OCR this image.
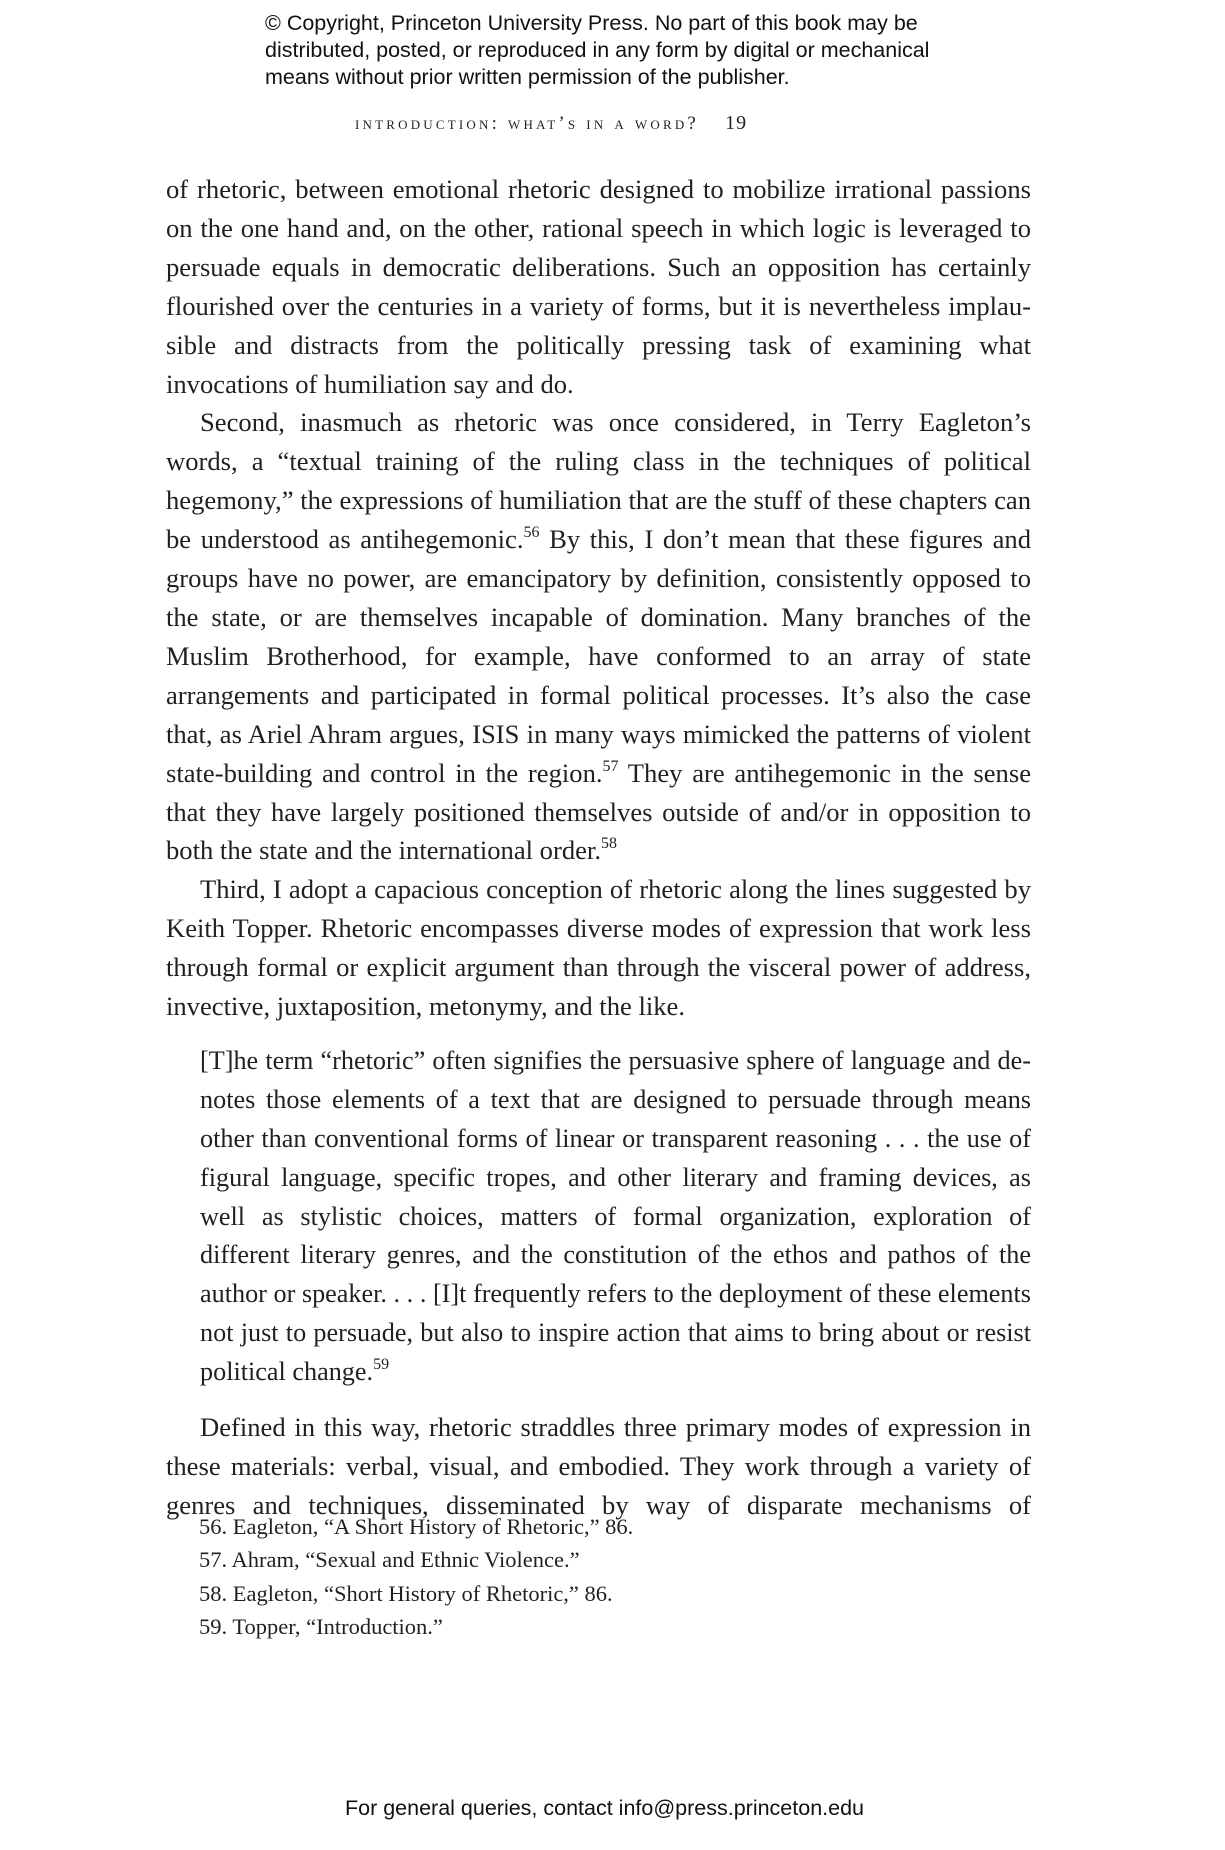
© Copyright, Princeton University Press. No part of this book may be
distributed, posted, or reproduced in any form by digital or mechanical
means without prior written permission of the publisher.
introduction: what’s in a word? 19

of rhetoric, between emotional rhetoric designed to mobilize irrational passions on the one hand and, on the other, rational speech in which logic is leveraged to persuade equals in democratic deliberations. Such an opposition has certainly flourished over the centuries in a variety of forms, but it is nevertheless implausible and distracts from the politically pressing task of examining what invocations of humiliation say and do.

Second, inasmuch as rhetoric was once considered, in Terry Eagleton’s words, a “textual training of the ruling class in the techniques of political hegemony,” the expressions of humiliation that are the stuff of these chapters can be understood as antihegemonic.$^{56}$ By this, I don’t mean that these figures and groups have no power, are emancipatory by definition, consistently opposed to the state, or are themselves incapable of domination. Many branches of the Muslim Brotherhood, for example, have conformed to an array of state arrangements and participated in formal political processes. It’s also the case that, as Ariel Ahram argues, ISIS in many ways mimicked the patterns of violent state-building and control in the region.$^{57}$ They are antihegemonic in the sense that they have largely positioned themselves outside of and/or in opposition to both the state and the international order.$^{58}$

Third, I adopt a capacious conception of rhetoric along the lines suggested by Keith Topper. Rhetoric encompasses diverse modes of expression that work less through formal or explicit argument than through the visceral power of address, invective, juxtaposition, metonymy, and the like.

[T]he term “rhetoric” often signifies the persuasive sphere of language and denotes those elements of a text that are designed to persuade through means other than conventional forms of linear or transparent reasoning . . . the use of figural language, specific tropes, and other literary and framing devices, as well as stylistic choices, matters of formal organization, exploration of different literary genres, and the constitution of the ethos and pathos of the author or speaker. . . . [I]t frequently refers to the deployment of these elements not just to persuade, but also to inspire action that aims to bring about or resist political change.$^{59}$

Defined in this way, rhetoric straddles three primary modes of expression in these materials: verbal, visual, and embodied. They work through a variety of genres and techniques, disseminated by way of disparate mechanisms of

56. Eagleton, “A Short History of Rhetoric,” 86.
57. Ahram, “Sexual and Ethnic Violence.”
58. Eagleton, “Short History of Rhetoric,” 86.
59. Topper, “Introduction.”
For general queries, contact info@press.princeton.edu
